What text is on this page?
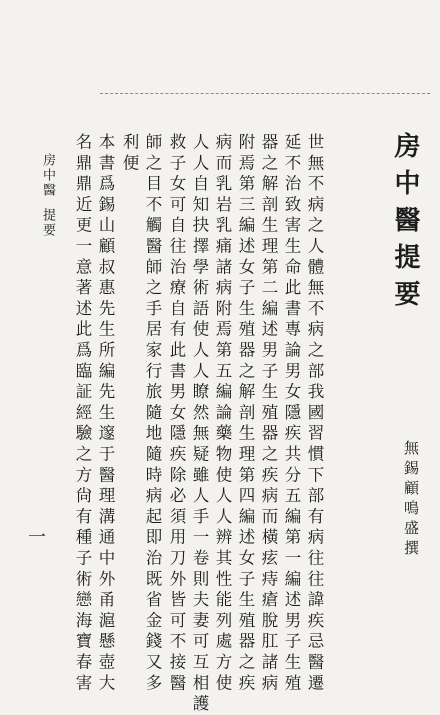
房中醫提要
無錫顧鳴盛撰
世無不病之人體無不病之部我國習慣下部有病往往諱疾忌醫遷
延不治致害生命此書專論男女隱疾共分五編第一編述男子生殖
器之解剖生理第二編述男子生殖器之疾病而橫痃痔瘡脫肛諸病
附焉第三編述女子生殖器之解剖生理第四編述女子生殖器之疾
病而乳岩乳痛諸病附焉第五編論藥物使人人辨其性能列處方使
人人自知抉擇學術語使人人瞭然無疑雖人手一卷則夫妻可互相護
救子女可自往治療自有此書男女隱疾除必須用刀外皆可不接醫
師之目不觸醫師之手居家行旅隨地隨時病起即治既省金錢又多
利便
本書爲錫山顧叔惠先生所編先生邃于醫理溝通中外甬滬懸壺大
名鼎鼎近更一意著述此爲臨証經驗之方尙有種子術戀海寶春害
房中醫提要
一
